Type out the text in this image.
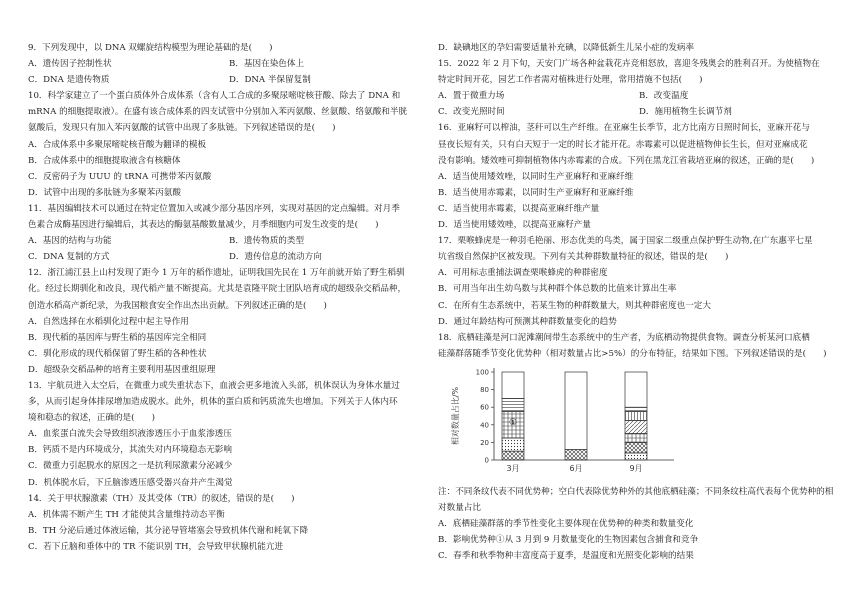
9．下列发现中，以 DNA 双螺旋结构模型为理论基础的是(　　)
A．遗传因子控制性状	B．基因在染色体上
C．DNA 是遗传物质	D．DNA 半保留复制
10．科学家建立了一个蛋白质体外合成体系（含有人工合成的多聚尿嘧啶核苷酸、除去了 DNA 和
mRNA 的细胞提取液）。在盛有该合成体系的四支试管中分别加入苯丙氨酸、丝氨酸、络氨酸和半胱
氨酸后，发现只有加入苯丙氨酸的试管中出现了多肽链。下列叙述错误的是(　　)
A．合成体系中多聚尿嘧啶核苷酸为翻译的模板
B．合成体系中的细胞提取液含有核糖体
C．反密码子为 UUU 的 tRNA 可携带苯丙氨酸
D．试管中出现的多肽链为多聚苯丙氨酸
11．基因编辑技术可以通过在特定位置加入或减少部分基因序列，实现对基因的定点编辑。对月季
色素合成酶基因进行编辑后，其表达的酶氨基酸数量减少，月季细胞内可发生改变的是(　　)
A．基因的结构与功能	B．遗传物质的类型
C．DNA 复制的方式	D．遗传信息的流动方向
12．浙江浦江县上山村发现了距今 1 万年的稻作遗址，证明我国先民在 1 万年前就开始了野生稻驯
化。经过长期驯化和改良，现代稻产量不断提高。尤其是袁隆平院士团队培育成的超级杂交稻品种，
创造水稻高产新纪录，为我国粮食安全作出杰出贡献。下列叙述正确的是(　　)
A．自然选择在水稻驯化过程中起主导作用
B．现代稻的基因库与野生稻的基因库完全相同
C．驯化形成的现代稻保留了野生稻的各种性状
D．超级杂交稻品种的培育主要利用基因重组原理
13．宇航员进入太空后，在微重力或失重状态下，血液会更多地流入头部，机体误认为身体水量过
多，从而引起身体排尿增加造成脱水。此外，机体的蛋白质和钙质流失也增加。下列关于人体内环
境和稳态的叙述，正确的是(　　)
A．血浆蛋白流失会导致组织液渗透压小于血浆渗透压
B．钙质不是内环境成分，其流失对内环境稳态无影响
C．微重力引起脱水的原因之一是抗利尿激素分泌减少
D．机体脱水后，下丘脑渗透压感受器兴奋并产生渴觉
14．关于甲状腺激素（TH）及其受体（TR）的叙述，错误的是(　　)
A．机体需不断产生 TH 才能使其含量维持动态平衡
B．TH 分泌后通过体液运输，其分泌导管堵塞会导致机体代谢和耗氧下降
C．若下丘脑和垂体中的 TR 不能识别 TH，会导致甲状腺机能亢进
D．缺碘地区的孕妇需要适量补充碘，以降低新生儿呆小症的发病率
15．2022 年 2 月下旬，天安门广场各种盆栽花卉竞相怒放，喜迎冬残奥会的胜利召开。为使植物在
特定时间开花，园艺工作者需对植株进行处理，常用措施不包括(　　)
A．置于微重力场	B．改变温度
C．改变光照时间	D．施用植物生长调节剂
16．亚麻籽可以榨油，茎秆可以生产纤维。在亚麻生长季节，北方比南方日照时间长，亚麻开花与
昼夜长短有关，只有白天短于一定的时长才能开花。赤霉素可以促进植物伸长生长，但对亚麻成花
没有影响。矮效唑可抑制植物体内赤霉素的合成。下列在黑龙江省栽培亚麻的叙述，正确的是(　　)
A．适当使用矮效唑，以同时生产亚麻籽和亚麻纤维
B．适当使用赤霉素，以同时生产亚麻籽和亚麻纤维
C．适当使用赤霉素，以提高亚麻纤维产量
D．适当使用矮效唑，以提高亚麻籽产量
17．栗喉蜂虎是一种羽毛艳丽、形态优美的鸟类，属于国家二级重点保护野生动物,在广东惠平七星
坑省级自然保护区被发现。下列有关其种群数量特征的叙述，错误的是(　　)
A．可用标志重捕法调查栗喉蜂虎的种群密度
B．可用当年出生幼鸟数与其种群个体总数的比值来计算出生率
C．在所有生态系统中，若某生物的种群数量大，则其种群密度也一定大
D．通过年龄结构可预测其种群数量变化的趋势
18．底栖硅藻是河口泥滩潮间带生态系统中的生产者，为底栖动物提供食物。调查分析某河口底栖
硅藻群落随季节变化优势种（相对数量占比>5%）的分布特征，结果如下图。下列叙述错误的是(　　)
0
20
40
60
80
100
相对数量占比/%
3月	6月	9月
①
注：不同条纹代表不同优势种；空白代表除优势种外的其他底栖硅藻；不同条纹柱高代表每个优势种的相对数量占比
A．底栖硅藻群落的季节性变化主要体现在优势种的种类和数量变化
B．影响优势种①从 3 月到 9 月数量变化的生物因素包含捕食和竞争
C．春季和秋季物种丰富度高于夏季，是温度和光照变化影响的结果
